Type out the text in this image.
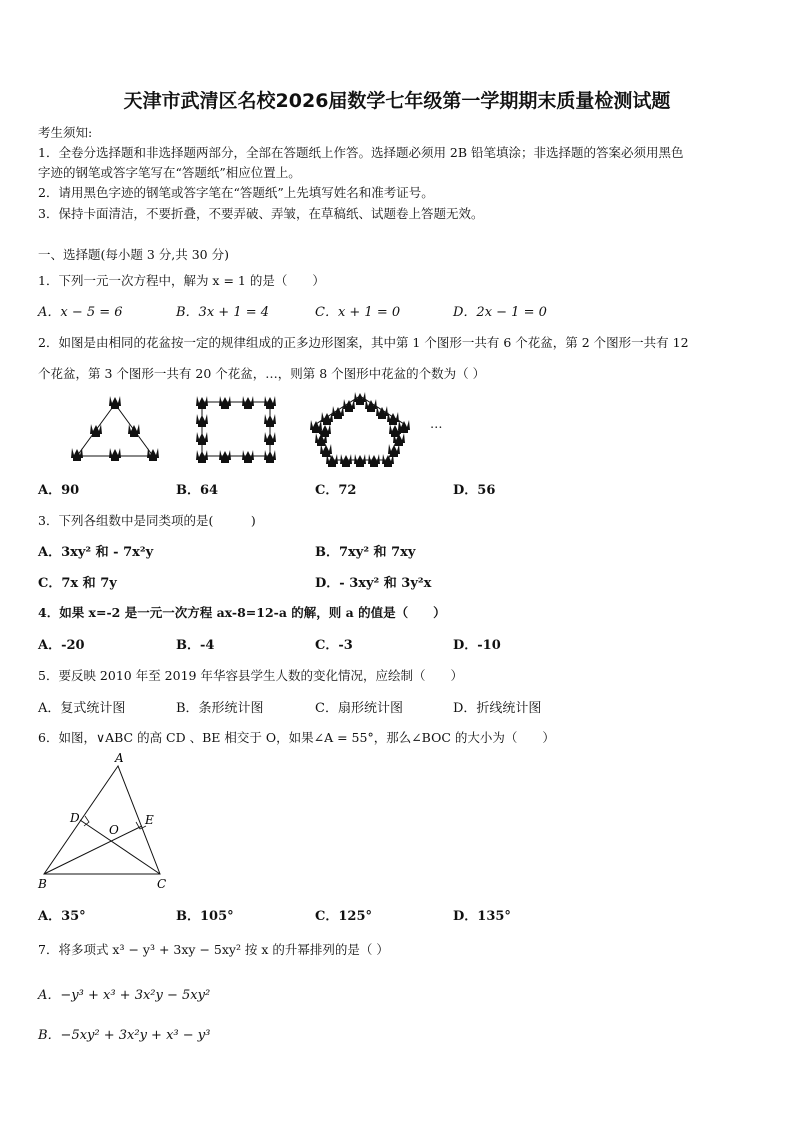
天津市武清区名校2026届数学七年级第一学期期末质量检测试题
考生须知:
1．全卷分选择题和非选择题两部分，全部在答题纸上作答。选择题必须用 2B 铅笔填涂；非选择题的答案必须用黑色
字迹的钢笔或答字笔写在“答题纸”相应位置上。
2．请用黑色字迹的钢笔或答字笔在“答题纸”上先填写姓名和准考证号。
3．保持卡面清洁，不要折叠，不要弄破、弄皱，在草稿纸、试题卷上答题无效。
一、选择题(每小题 3 分,共 30 分)
1．下列一元一次方程中，解为 x = 1 的是（　　）
A．x − 5 = 6	B．3x + 1 = 4	C．x + 1 = 0	D．2x − 1 = 0
2．如图是由相同的花盆按一定的规律组成的正多边形图案，其中第 1 个图形一共有 6 个花盆，第 2 个图形一共有 12
个花盆，第 3 个图形一共有 20 个花盆，…，则第 8 个图形中花盆的个数为（ ）
…
A．90	B．64	C．72	D．56
3．下列各组数中是同类项的是(　　　)
A．3xy² 和 - 7x²y	B．7xy² 和 7xy
C．7x 和 7y	D．- 3xy² 和 3y²x
4．如果 x=-2 是一元一次方程 ax-8=12-a 的解，则 a 的值是（　　）
A．-20	B．-4	C．-3	D．-10
5．要反映 2010 年至 2019 年华容县学生人数的变化情况，应绘制（　　）
A．复式统计图	B．条形统计图	C．扇形统计图	D．折线统计图
6．如图，∨ABC 的高 CD 、BE 相交于 O，如果∠A = 55°，那么∠BOC 的大小为（　　）
A
B	C
D	E
O
A．35°	B．105°	C．125°	D．135°
7．将多项式 x³ − y³ + 3xy − 5xy² 按 x 的升幂排列的是（ ）
A．−y³ + x³ + 3x²y − 5xy²
B．−5xy² + 3x²y + x³ − y³
